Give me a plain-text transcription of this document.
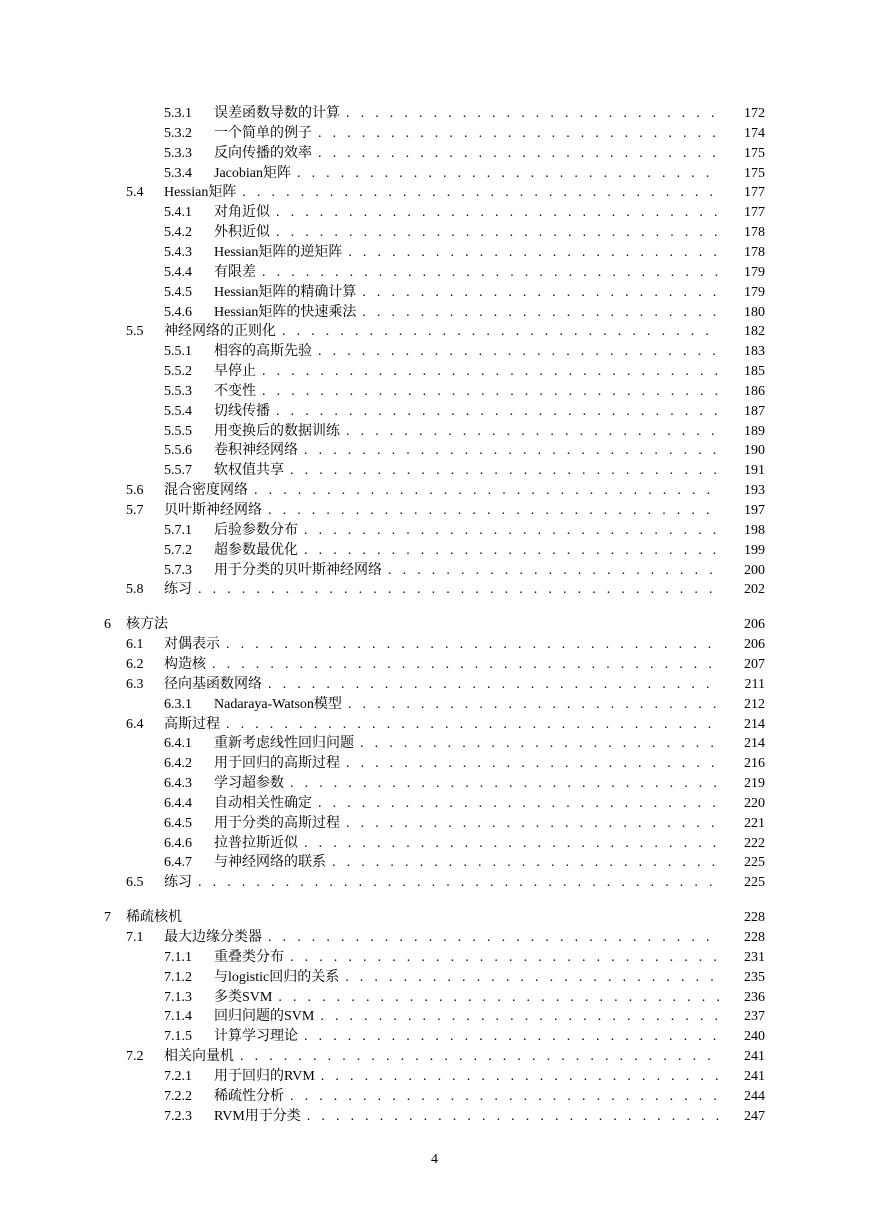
5.3.1	误差函数导数的计算 . . .	172
5.3.2	一个简单的例子 . . .	174
5.3.3	反向传播的效率 . . .	175
5.3.4	Jacobian矩阵 . . .	175
5.4	Hessian矩阵 . . .	177
5.4.1	对角近似 . . .	177
5.4.2	外积近似 . . .	178
5.4.3	Hessian矩阵的逆矩阵 . . .	178
5.4.4	有限差 . . .	179
5.4.5	Hessian矩阵的精确计算 . . .	179
5.4.6	Hessian矩阵的快速乘法 . . .	180
5.5	神经网络的正则化 . . .	182
5.5.1	相容的高斯先验 . . .	183
5.5.2	早停止 . . .	185
5.5.3	不变性 . . .	186
5.5.4	切线传播 . . .	187
5.5.5	用变换后的数据训练 . . .	189
5.5.6	卷积神经网络 . . .	190
5.5.7	软权值共享 . . .	191
5.6	混合密度网络 . . .	193
5.7	贝叶斯神经网络 . . .	197
5.7.1	后验参数分布 . . .	198
5.7.2	超参数最优化 . . .	199
5.7.3	用于分类的贝叶斯神经网络 . . .	200
5.8	练习 . . .	202
6	核方法	206
6.1	对偶表示 . . .	206
6.2	构造核 . . .	207
6.3	径向基函数网络 . . .	211
6.3.1	Nadaraya-Watson模型 . . .	212
6.4	高斯过程 . . .	214
6.4.1	重新考虑线性回归问题 . . .	214
6.4.2	用于回归的高斯过程 . . .	216
6.4.3	学习超参数 . . .	219
6.4.4	自动相关性确定 . . .	220
6.4.5	用于分类的高斯过程 . . .	221
6.4.6	拉普拉斯近似 . . .	222
6.4.7	与神经网络的联系 . . .	225
6.5	练习 . . .	225
7	稀疏核机	228
7.1	最大边缘分类器 . . .	228
7.1.1	重叠类分布 . . .	231
7.1.2	与logistic回归的关系 . . .	235
7.1.3	多类SVM . . .	236
7.1.4	回归问题的SVM . . .	237
7.1.5	计算学习理论 . . .	240
7.2	相关向量机 . . .	241
7.2.1	用于回归的RVM . . .	241
7.2.2	稀疏性分析 . . .	244
7.2.3	RVM用于分类 . . .	247
4
